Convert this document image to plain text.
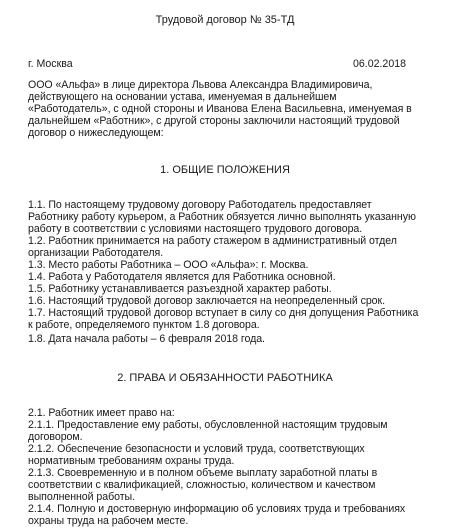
Трудовой договор № 35-ТД
г. Москва	06.02.2018
ООО «Альфа» в лице директора Львова Александра Владимировича,
действующего на основании устава, именуемая в дальнейшем
«Работодатель», с одной стороны и Иванова Елена Васильевна, именуемая в
дальнейшем «Работник», с другой стороны заключили настоящий трудовой
договор о нижеследующем:
1. ОБЩИЕ ПОЛОЖЕНИЯ
1.1. По настоящему трудовому договору Работодатель предоставляет
Работнику работу курьером, а Работник обязуется лично выполнять указанную
работу в соответствии с условиями настоящего трудового договора.
1.2. Работник принимается на работу стажером в административный отдел
организации Работодателя.
1.3. Место работы Работника – ООО «Альфа»: г. Москва.
1.4. Работа у Работодателя является для Работника основной.
1.5. Работнику устанавливается разъездной характер работы.
1.6. Настоящий трудовой договор заключается на неопределенный срок.
1.7. Настоящий трудовой договор вступает в силу со дня допущения Работника
к работе, определяемого пунктом 1.8 договора.
1.8. Дата начала работы – 6 февраля 2018 года.
2. ПРАВА И ОБЯЗАННОСТИ РАБОТНИКА
2.1. Работник имеет право на:
2.1.1. Предоставление ему работы, обусловленной настоящим трудовым
договором.
2.1.2. Обеспечение безопасности и условий труда, соответствующих
нормативным требованиям охраны труда.
2.1.3. Своевременную и в полном объеме выплату заработной платы в
соответствии с квалификацией, сложностью, количеством и качеством
выполненной работы.
2.1.4. Полную и достоверную информацию об условиях труда и требованиях
охраны труда на рабочем месте.
